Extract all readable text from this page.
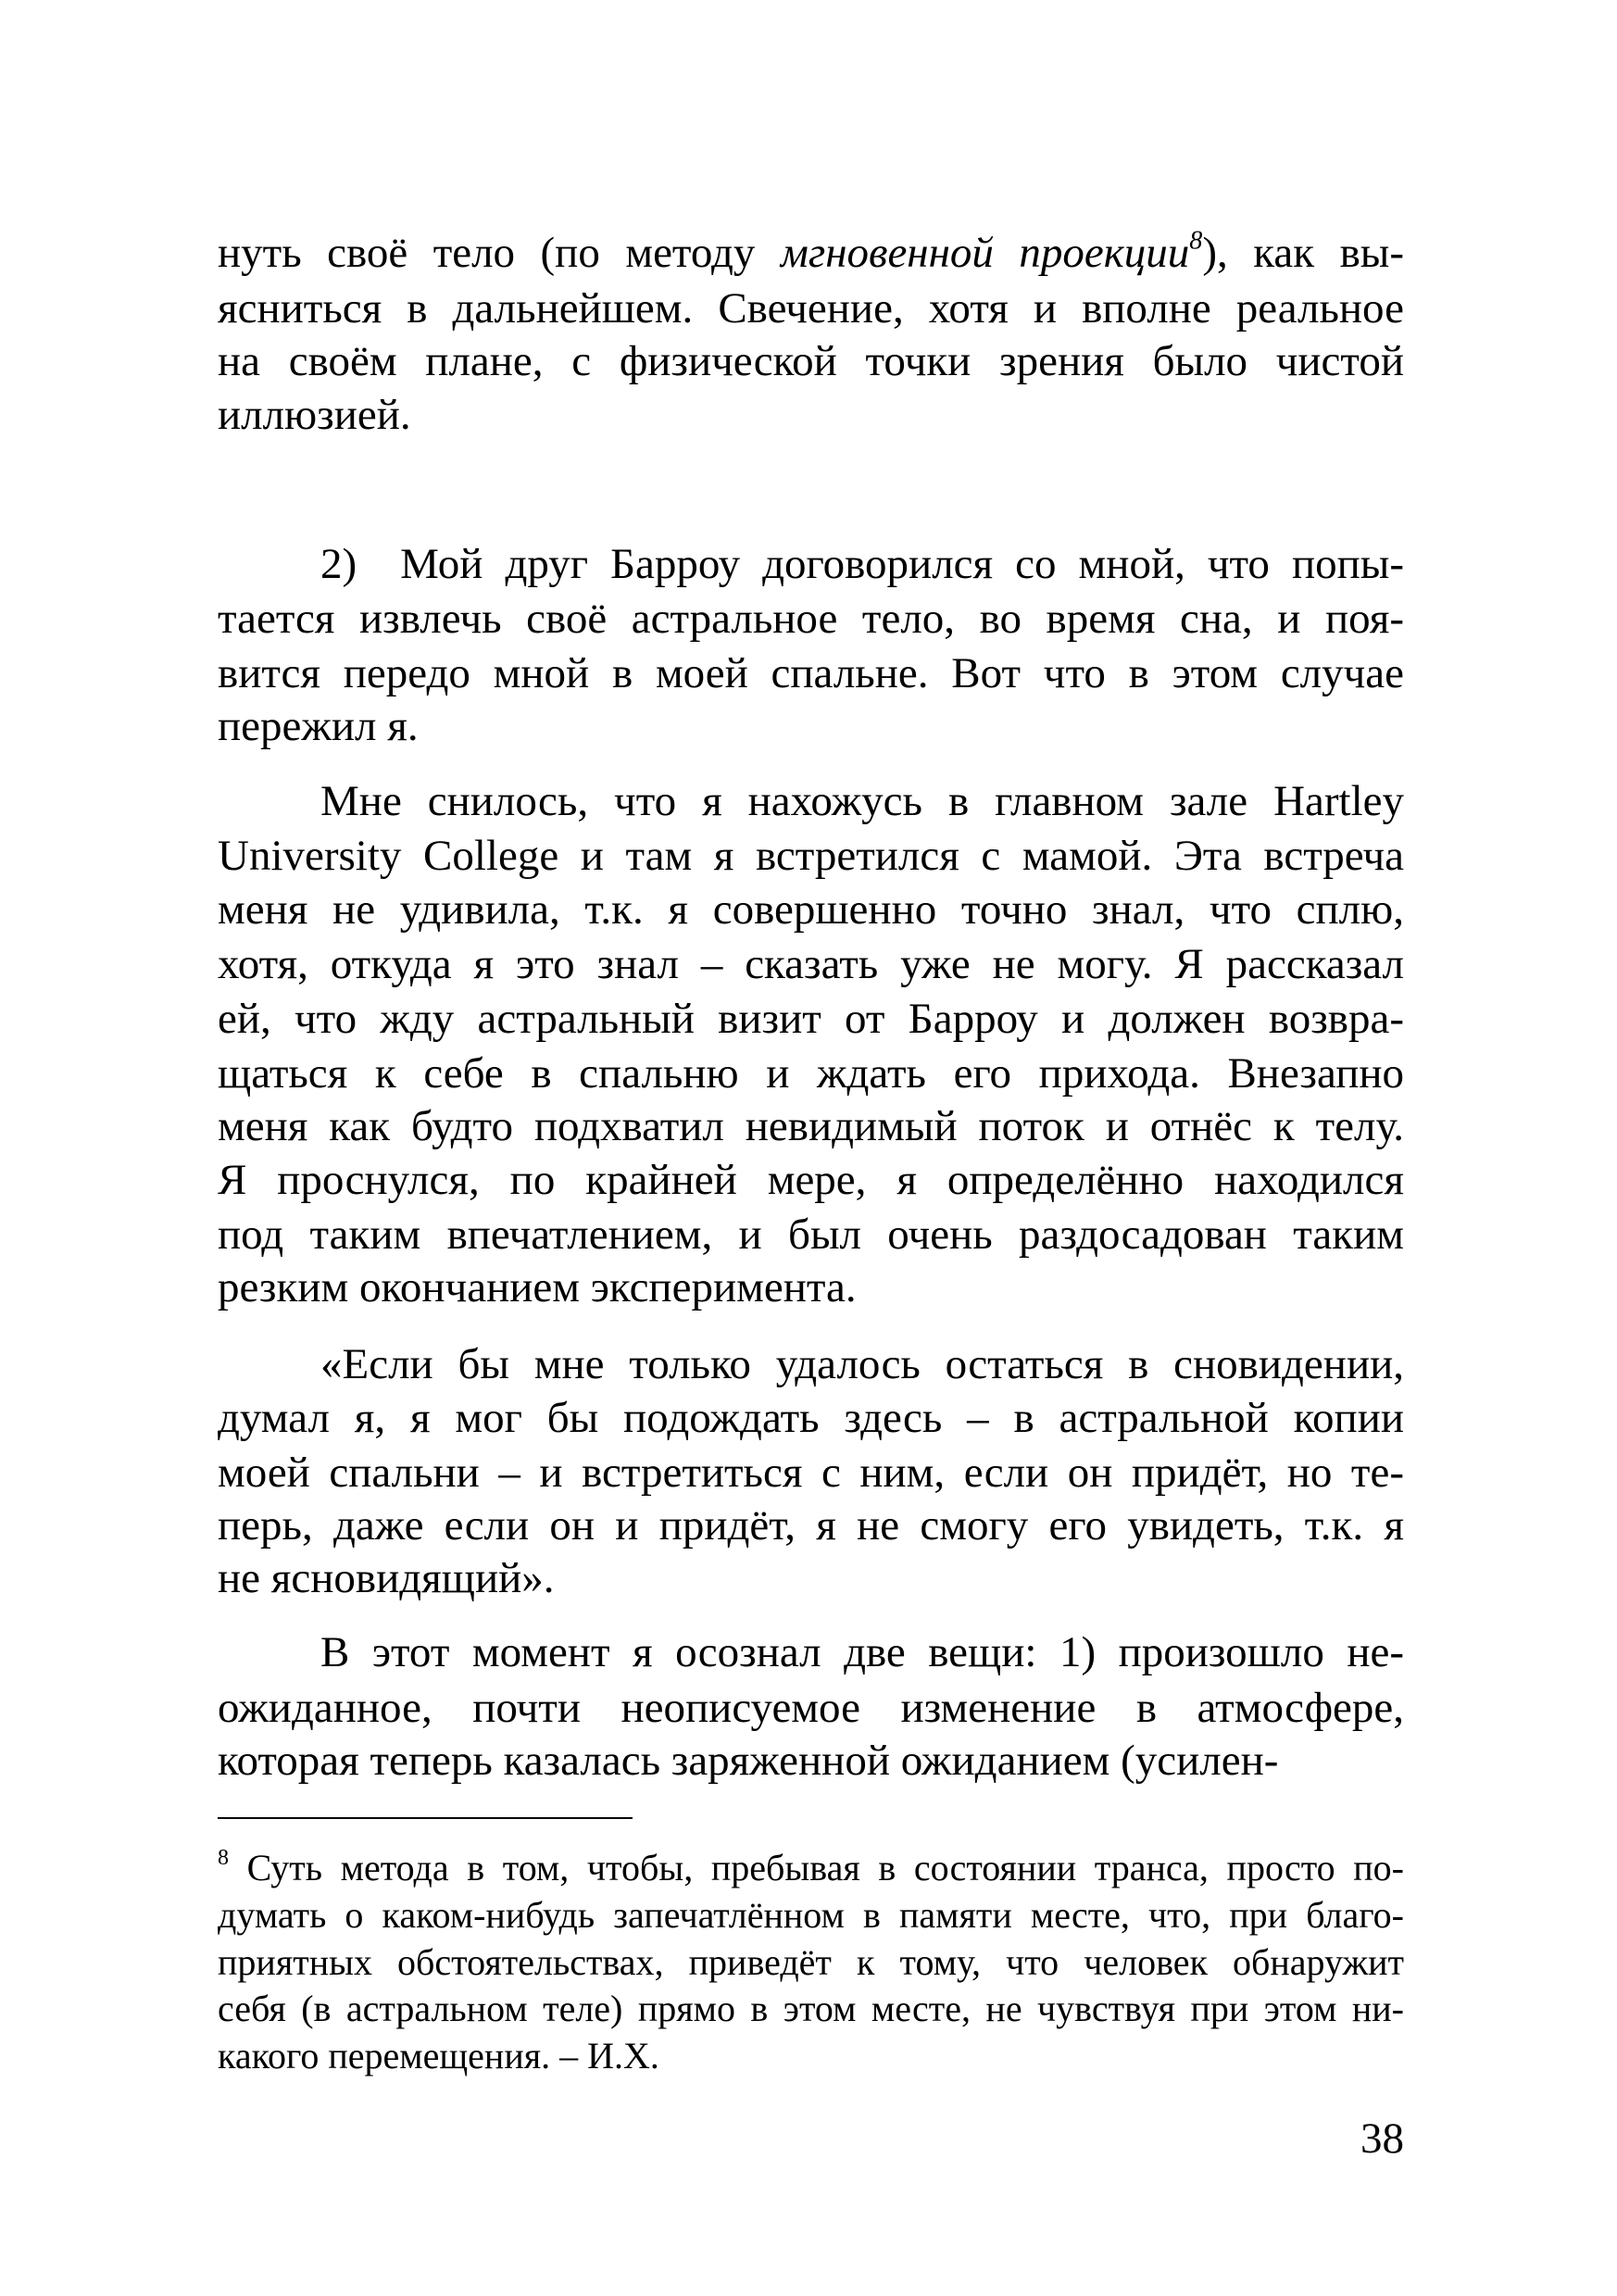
нуть своё тело (по методу мгновенной проекции$^8$), как вы-
ясниться в дальнейшем. Свечение, хотя и вполне реальное
на своём плане, с физической точки зрения было чистой
иллюзией.
2) Мой друг Барроу договорился со мной, что попы-
тается извлечь своё астральное тело, во время сна, и поя-
вится передо мной в моей спальне. Вот что в этом случае
пережил я.
Мне снилось, что я нахожусь в главном зале Hartley
University College и там я встретился с мамой. Эта встреча
меня не удивила, т.к. я совершенно точно знал, что сплю,
хотя, откуда я это знал – сказать уже не могу. Я рассказал
ей, что жду астральный визит от Барроу и должен возвра-
щаться к себе в спальню и ждать его прихода. Внезапно
меня как будто подхватил невидимый поток и отнёс к телу.
Я проснулся, по крайней мере, я определённо находился
под таким впечатлением, и был очень раздосадован таким
резким окончанием эксперимента.
«Если бы мне только удалось остаться в сновидении,
думал я, я мог бы подождать здесь – в астральной копии
моей спальни – и встретиться с ним, если он придёт, но те-
перь, даже если он и придёт, я не смогу его увидеть, т.к. я
не ясновидящий».
В этот момент я осознал две вещи: 1) произошло не-
ожиданное, почти неописуемое изменение в атмосфере,
которая теперь казалась заряженной ожиданием (усилен-
$^8$ Суть метода в том, чтобы, пребывая в состоянии транса, просто по-
думать о каком-нибудь запечатлённом в памяти месте, что, при благо-
приятных обстоятельствах, приведёт к тому, что человек обнаружит
себя (в астральном теле) прямо в этом месте, не чувствуя при этом ни-
какого перемещения. – И.Х.
38
